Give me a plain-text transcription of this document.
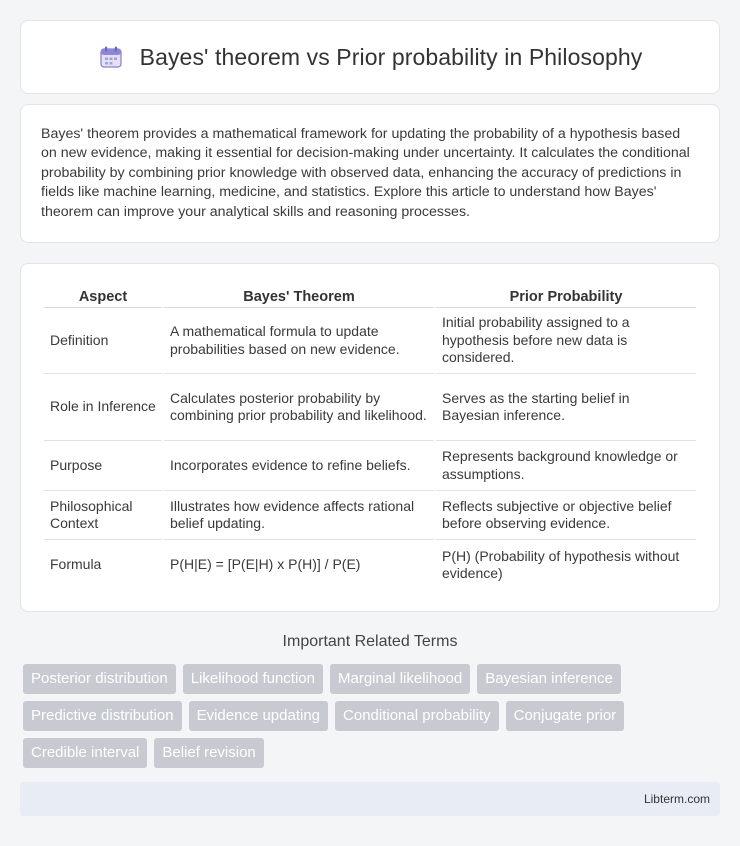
Bayes' theorem vs Prior probability in Philosophy

Bayes' theorem provides a mathematical framework for updating the probability of a hypothesis based on new evidence, making it essential for decision-making under uncertainty. It calculates the conditional probability by combining prior knowledge with observed data, enhancing the accuracy of predictions in fields like machine learning, medicine, and statistics. Explore this article to understand how Bayes' theorem can improve your analytical skills and reasoning processes.

Aspect	Bayes' Theorem	Prior Probability
Definition	A mathematical formula to update probabilities based on new evidence.	Initial probability assigned to a hypothesis before new data is considered.
Role in Inference	Calculates posterior probability by combining prior probability and likelihood.	Serves as the starting belief in Bayesian inference.
Purpose	Incorporates evidence to refine beliefs.	Represents background knowledge or assumptions.
Philosophical Context	Illustrates how evidence affects rational belief updating.	Reflects subjective or objective belief before observing evidence.
Formula	P(H|E) = [P(E|H) x P(H)] / P(E)	P(H) (Probability of hypothesis without evidence)
Important Related Terms
Posterior distribution	Likelihood function	Marginal likelihood	Bayesian inference
Predictive distribution	Evidence updating	Conditional probability	Conjugate prior
Credible interval	Belief revision
Libterm.com
